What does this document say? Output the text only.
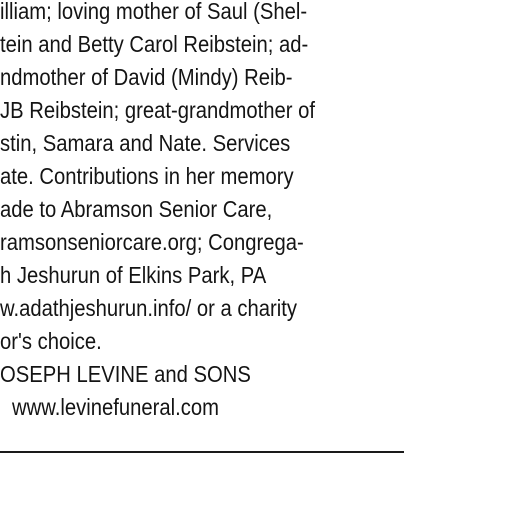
illiam; loving mother of Saul (Shel-
tein and Betty Carol Reibstein; ad-
ndmother of David (Mindy) Reib-
JB Reibstein; great-grandmother of
stin, Samara and Nate. Services
ate. Contributions in her memory
ade to Abramson Senior Care,
ramsonseniorcare.org; Congrega-
h Jeshurun of Elkins Park, PA
w.adathjeshurun.info/ or a charity
or's choice.
OSEPH LEVINE and SONS
www.levinefuneral.com
